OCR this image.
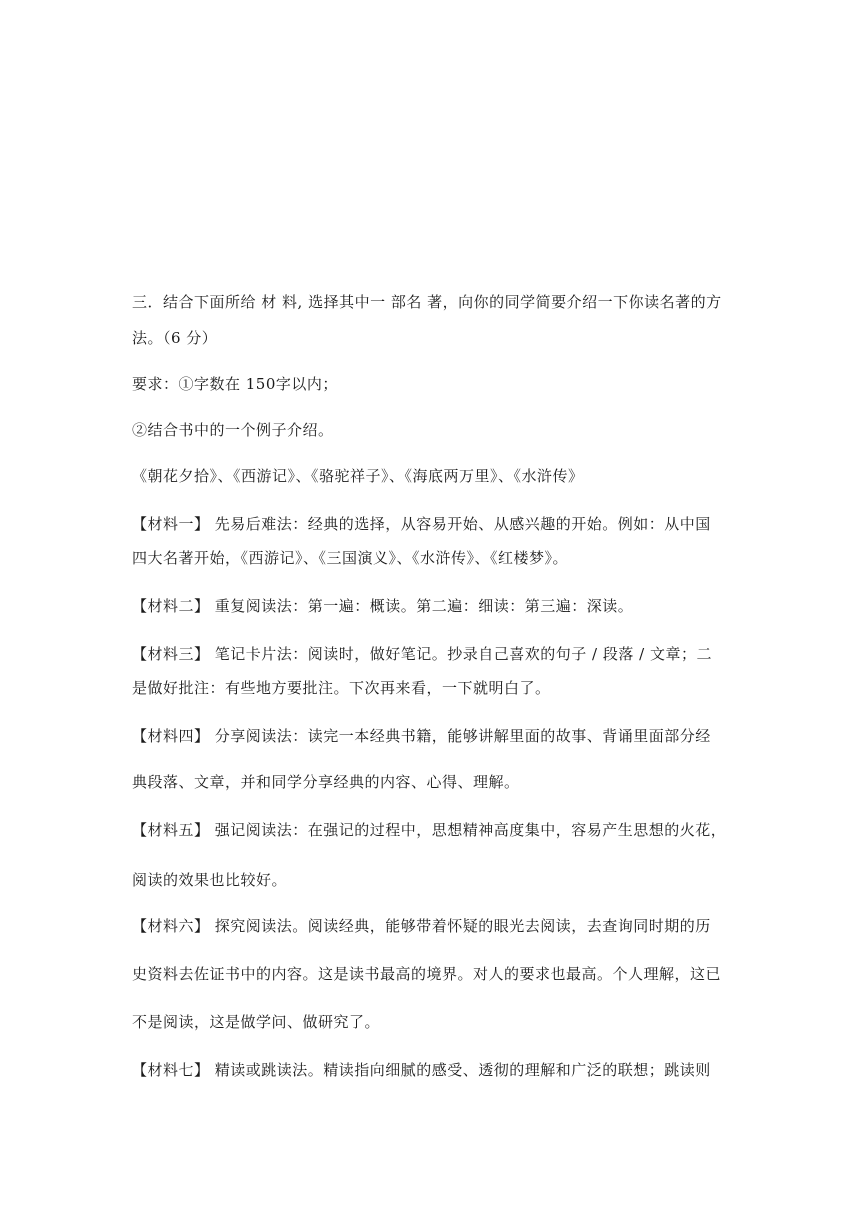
三．结合下面所给 材 料, 选择其中一 部名 著，向你的同学简要介绍一下你读名著的方
法。（6 分）
要求：①字数在 150字以内；
②结合书中的一个例子介绍。
《朝花夕拾》、《西游记》、《骆驼祥子》、《海底两万里》、《水浒传》
【材料一】 先易后难法：经典的选择，从容易开始、从感兴趣的开始。例如：从中国
四大名著开始，《西游记》、《三国演义》、《水浒传》、《红楼梦》。
【材料二】 重复阅读法：第一遍：概读。第二遍：细读：第三遍：深读。
【材料三】 笔记卡片法：阅读时，做好笔记。抄录自己喜欢的句子 / 段落 / 文章；二
是做好批注：有些地方要批注。下次再来看，一下就明白了。
【材料四】 分享阅读法：读完一本经典书籍，能够讲解里面的故事、背诵里面部分经
典段落、文章，并和同学分享经典的内容、心得、理解。
【材料五】 强记阅读法：在强记的过程中，思想精神高度集中，容易产生思想的火花，
阅读的效果也比较好。
【材料六】 探究阅读法。阅读经典，能够带着怀疑的眼光去阅读，去查询同时期的历
史资料去佐证书中的内容。这是读书最高的境界。对人的要求也最高。个人理解，这已
不是阅读，这是做学问、做研究了。
【材料七】 精读或跳读法。精读指向细腻的感受、透彻的理解和广泛的联想；跳读则
